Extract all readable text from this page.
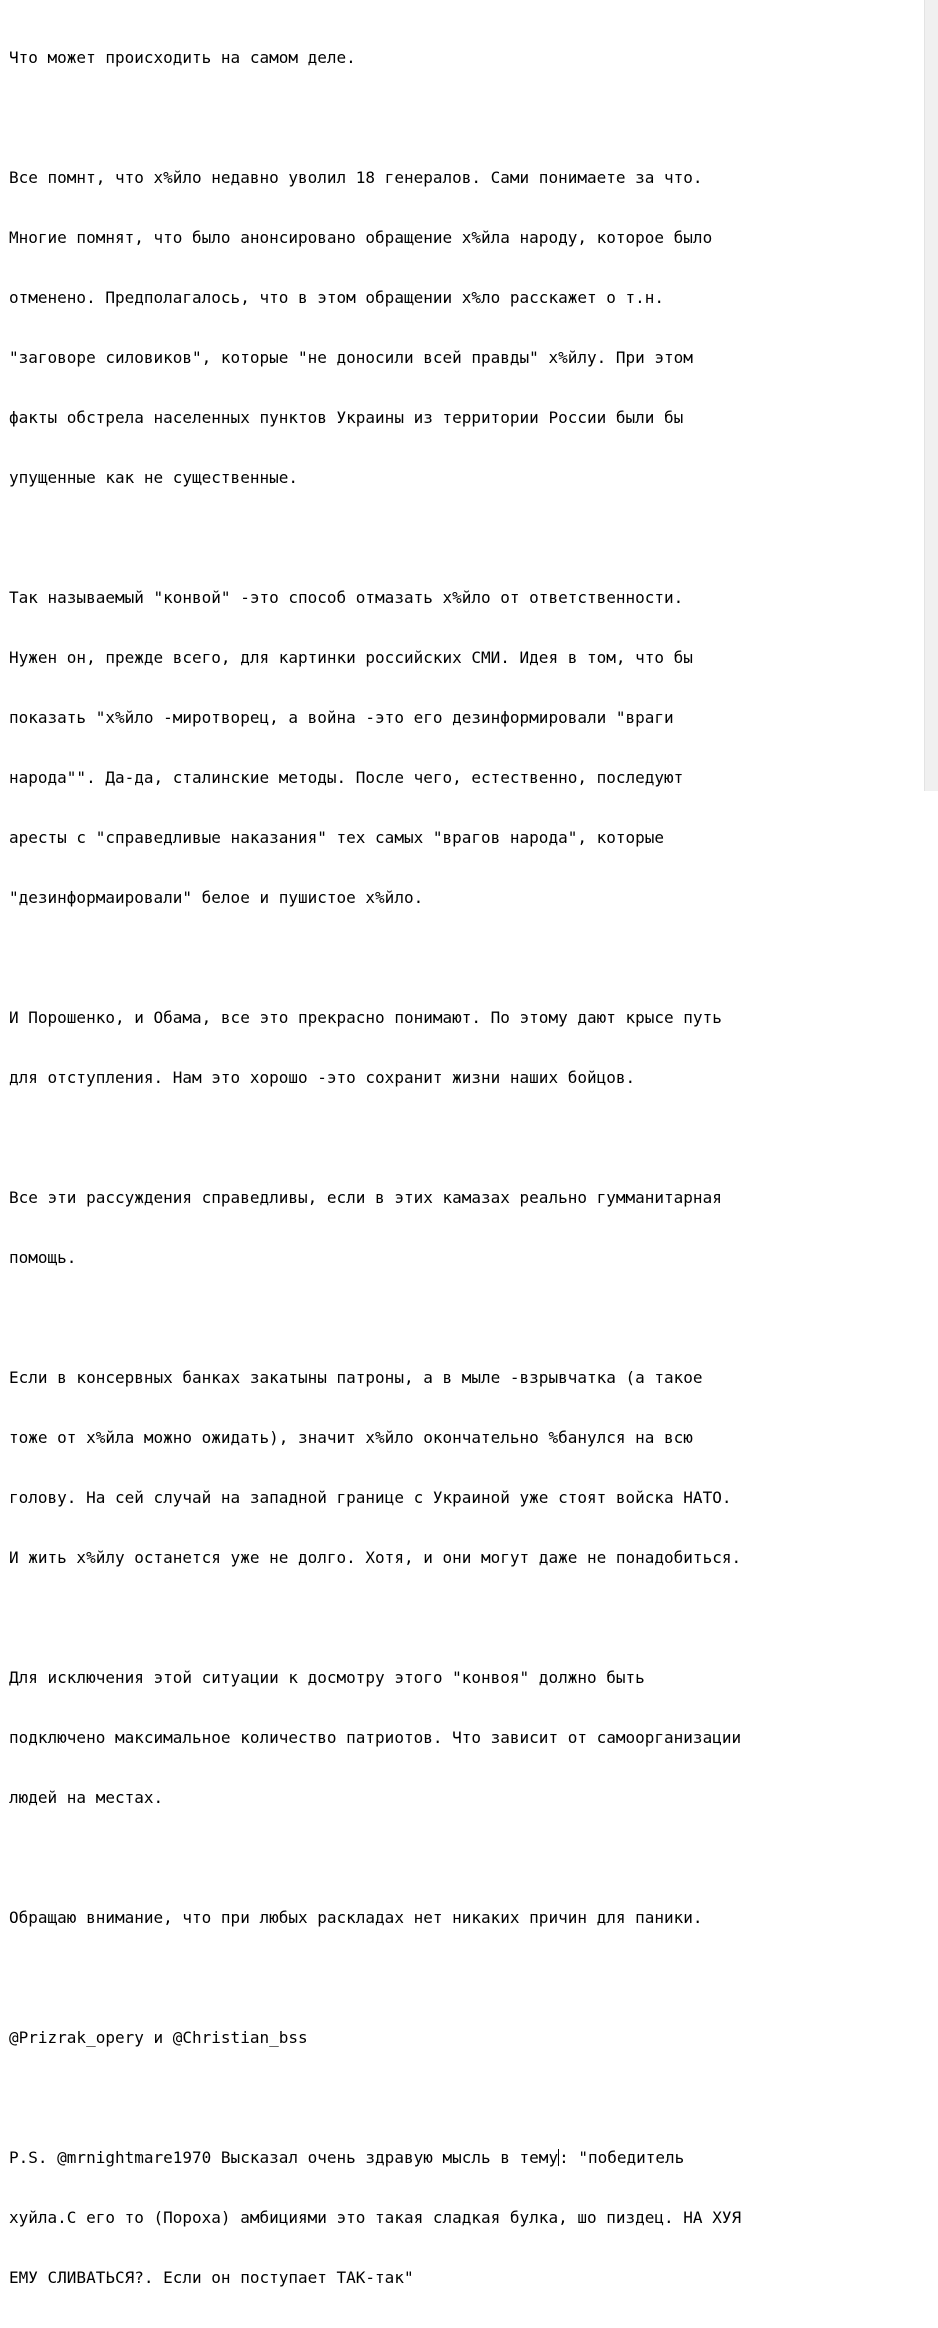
Что может происходить на самом деле.

Все помнт, что х%йло недавно уволил 18 генералов. Сами понимаете за что.

Многие помнят, что было анонсировано обращение х%йла народу, которое было

отменено. Предполагалось, что в этом обращении х%ло расскажет о т.н.

"заговоре силовиков", которые "не доносили всей правды" х%йлу. При этом

факты обстрела населенных пунктов Украины из территории России были бы

упущенные как не существенные.

Так называемый "конвой" -это способ отмазать х%йло от ответственности.

Нужен он, прежде всего, для картинки российских СМИ. Идея в том, что бы

показать "х%йло -миротворец, а война -это его дезинформировали "враги

народа"". Да-да, сталинские методы. После чего, естественно, последуют

аресты с "справедливые наказания" тех самых "врагов народа", которые

"дезинформаировали" белое и пушистое х%йло.

И Порошенко, и Обама, все это прекрасно понимают. По этому дают крысе путь

для отступления. Нам это хорошо -это сохранит жизни наших бойцов.

Все эти рассуждения справедливы, если в этих камазах реально гумманитарная

помощь.

Если в консервных банках закатыны патроны, а в мыле -взрывчатка (а такое

тоже от х%йла можно ожидать), значит х%йло окончательно %банулся на всю

голову. На сей случай на западной границе с Украиной уже стоят войска НАТО.

И жить х%йлу останется уже не долго. Хотя, и они могут даже не понадобиться.

Для исключения этой ситуации к досмотру этого "конвоя" должно быть

подключено максимальное количество патриотов. Что зависит от самоорганизации

людей на местах.

Обращаю внимание, что при любых раскладах нет никаких причин для паники.

@Prizrak_opery и @Christian_bss

P.S. @mrnightmare1970 Высказал очень здравую мысль в тему: "победитель

хуйла.С его то (Пороха) амбициями это такая сладкая булка, шо пиздец. НА ХУЯ

ЕМУ СЛИВАТЬСЯ?. Если он поступает ТАК-так"
